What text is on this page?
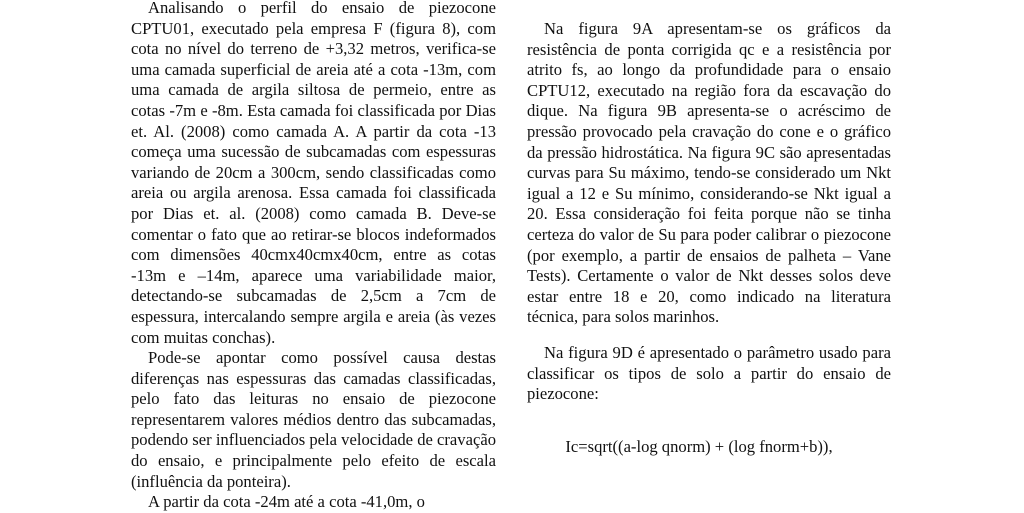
Analisando o perfil do ensaio de piezocone CPTU01, executado pela empresa F (figura 8), com cota no nível do terreno de +3,32 metros, verifica-se uma camada superficial de areia até a cota -13m, com uma camada de argila siltosa de permeio, entre as cotas -7m e -8m. Esta camada foi classificada por Dias et. Al. (2008) como camada A. A partir da cota -13 começa uma sucessão de subcamadas com espessuras variando de 20cm a 300cm, sendo classificadas como areia ou argila arenosa. Essa camada foi classificada por Dias et. al. (2008) como camada B. Deve-se comentar o fato que ao retirar-se blocos indeformados com dimensões 40cmx40cmx40cm, entre as cotas -13m e –14m, aparece uma variabilidade maior, detectando-se subcamadas de 2,5cm a 7cm de espessura, intercalando sempre argila e areia (às vezes com muitas conchas).

Pode-se apontar como possível causa destas diferenças nas espessuras das camadas classificadas, pelo fato das leituras no ensaio de piezocone representarem valores médios dentro das subcamadas, podendo ser influenciados pela velocidade de cravação do ensaio, e principalmente pelo efeito de escala (influência da ponteira).

A partir da cota -24m até a cota -41,0m, o

Na figura 9A apresentam-se os gráficos da resistência de ponta corrigida qc e a resistência por atrito fs, ao longo da profundidade para o ensaio CPTU12, executado na região fora da escavação do dique. Na figura 9B apresenta-se o acréscimo de pressão provocado pela cravação do cone e o gráfico da pressão hidrostática. Na figura 9C são apresentadas curvas para Su máximo, tendo-se considerado um Nkt igual a 12 e Su mínimo, considerando-se Nkt igual a 20. Essa consideração foi feita porque não se tinha certeza do valor de Su para poder calibrar o piezocone (por exemplo, a partir de ensaios de palheta – Vane Tests). Certamente o valor de Nkt desses solos deve estar entre 18 e 20, como indicado na literatura técnica, para solos marinhos.

Na figura 9D é apresentado o parâmetro usado para classificar os tipos de solo a partir do ensaio de piezocone:

Ic=sqrt((a-log qnorm) + (log fnorm+b)),
